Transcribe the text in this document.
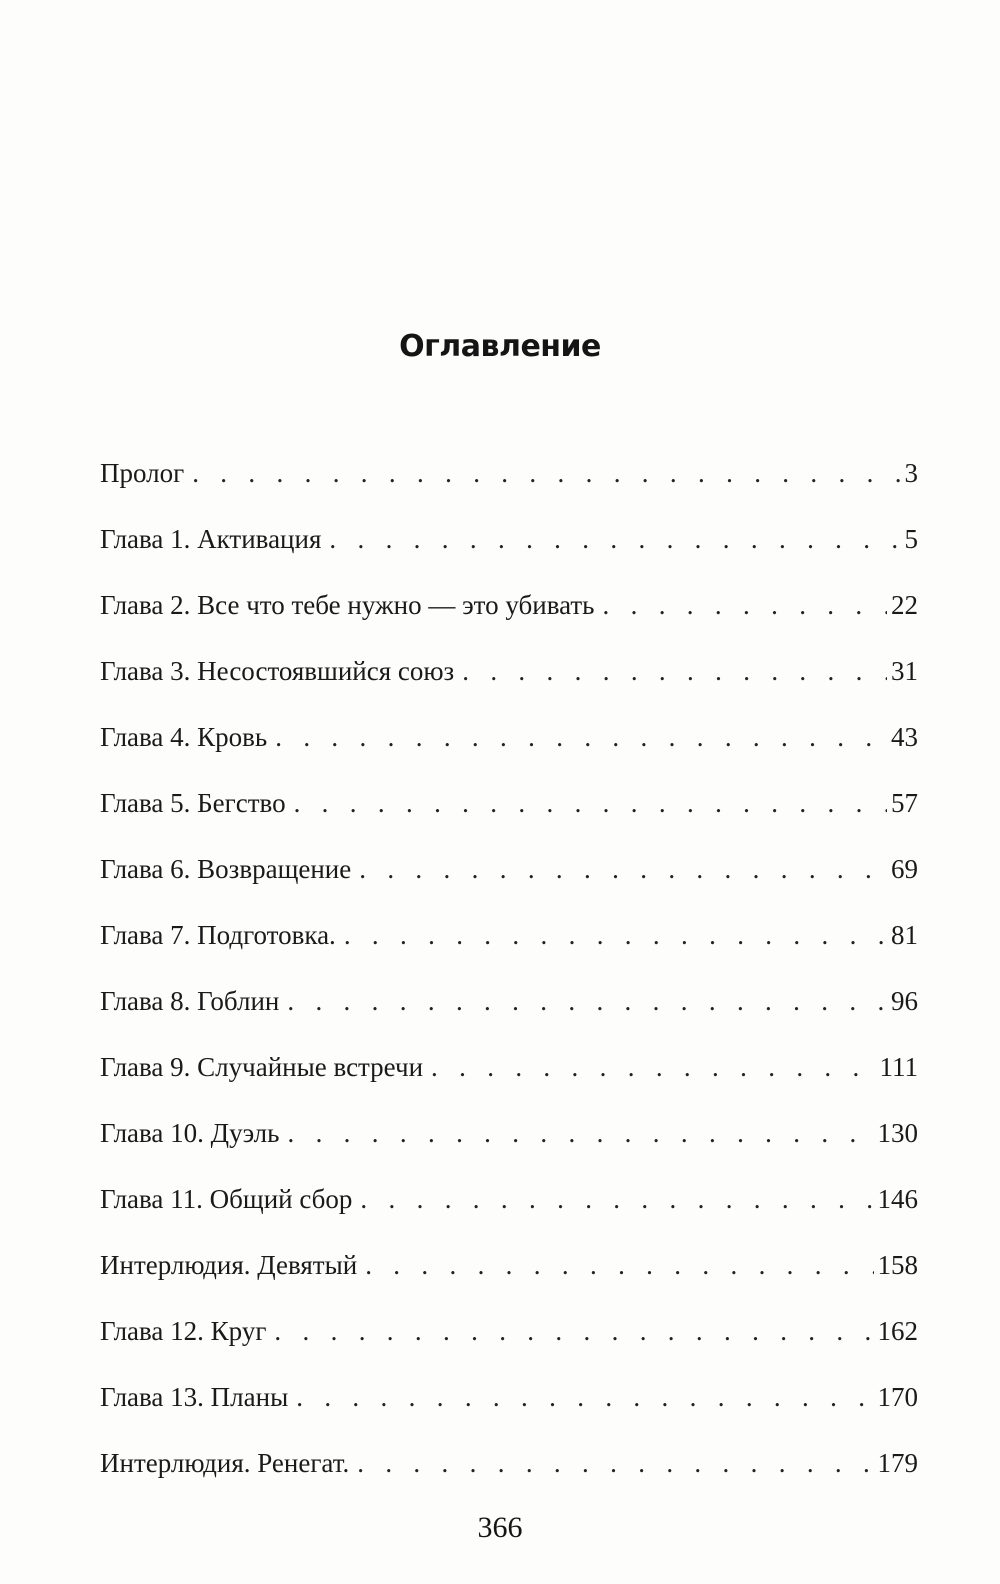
Оглавление
Пролог . . .	3
Глава 1. Активация . . .	5
Глава 2. Все что тебе нужно — это убивать . . .	22
Глава 3. Несостоявшийся союз . . .	31
Глава 4. Кровь . . .	43
Глава 5. Бегство . . .	57
Глава 6. Возвращение . . .	69
Глава 7. Подготовка. . . .	81
Глава 8. Гоблин . . .	96
Глава 9. Случайные встречи . . .	111
Глава 10. Дуэль . . .	130
Глава 11. Общий сбор . . .	146
Интерлюдия. Девятый . . .	158
Глава 12. Круг . . .	162
Глава 13. Планы . . .	170
Интерлюдия. Ренегат. . . .	179
366
